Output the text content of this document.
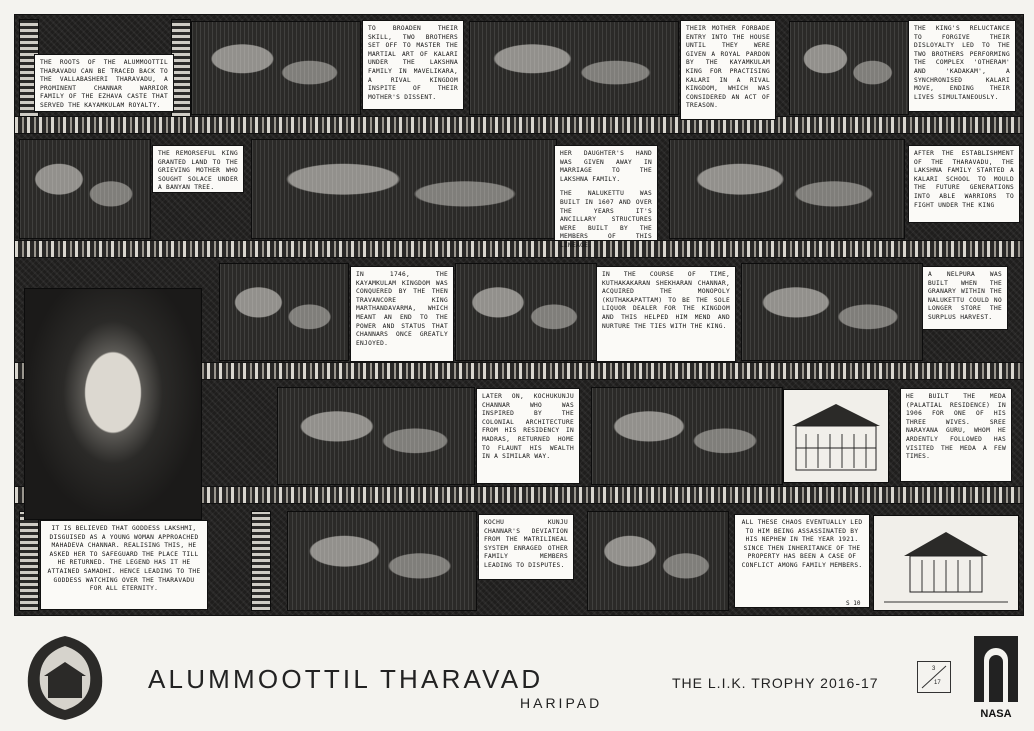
THE ROOTS OF THE ALUMMOOTTIL THARAVADU CAN BE TRACED BACK TO THE VALLABASHERI THARAVADU, A PROMINENT CHANNAR WARRIOR FAMILY OF THE EZHAVA CASTE THAT SERVED THE KAYAMKULAM ROYALTY.
TO BROADEN THEIR SKILL, TWO BROTHERS SET OFF TO MASTER THE MARTIAL ART OF KALARI UNDER THE LAKSHNA FAMILY IN MAVELIKARA, A RIVAL KINGDOM INSPITE OF THEIR MOTHER'S DISSENT.
THEIR MOTHER FORBADE ENTRY INTO THE HOUSE UNTIL THEY WERE GIVEN A ROYAL PARDON BY THE KAYAMKULAM KING FOR PRACTISING KALARI IN A RIVAL KINGDOM, WHICH WAS CONSIDERED AN ACT OF TREASON.
THE KING'S RELUCTANCE TO FORGIVE THEIR DISLOYALTY LED TO THE TWO BROTHERS PERFORMING THE COMPLEX 'OTHERAM' AND 'KADAKAM', A SYNCHRONISED KALARI MOVE, ENDING THEIR LIVES SIMULTANEOUSLY.
THE REMORSEFUL KING GRANTED LAND TO THE GRIEVING MOTHER WHO SOUGHT SOLACE UNDER A BANYAN TREE.
HER DAUGHTER'S HAND WAS GIVEN AWAY IN MARRIAGE TO THE LAKSHNA FAMILY.
THE NALUKETTU WAS BUILT IN 1607 AND OVER THE YEARS IT'S ANCILLARY STRUCTURES WERE BUILT BY THE MEMBERS OF THIS LINEAGE.
AFTER THE ESTABLISHMENT OF THE THARAVADU, THE LAKSHNA FAMILY STARTED A KALARI SCHOOL TO MOULD THE FUTURE GENERATIONS INTO ABLE WARRIORS TO FIGHT UNDER THE KING
IN 1746, THE KAYAMKULAM KINGDOM WAS CONQUERED BY THE THEN TRAVANCORE KING MARTHANDAVARMA, WHICH MEANT AN END TO THE POWER AND STATUS THAT CHANNARS ONCE GREATLY ENJOYED.
IN THE COURSE OF TIME, KUTHAKAKARAN SHEKHARAN CHANNAR, ACQUIRED THE MONOPOLY (KUTHAKAPATTAM) TO BE THE SOLE LIQUOR DEALER FOR THE KINGDOM AND THIS HELPED HIM MEND AND NURTURE THE TIES WITH THE KING.
A NELPURA WAS BUILT WHEN THE GRANARY WITHIN THE NALUKETTU COULD NO LONGER STORE THE SURPLUS HARVEST.
LATER ON, KOCHUKUNJU CHANNAR WHO WAS INSPIRED BY THE COLONIAL ARCHITECTURE FROM HIS RESIDENCY IN MADRAS, RETURNED HOME TO FLAUNT HIS WEALTH IN A SIMILAR WAY.
HE BUILT THE MEDA (PALATIAL RESIDENCE) IN 1906 FOR ONE OF HIS THREE WIVES. SREE NARAYANA GURU, WHOM HE ARDENTLY FOLLOWED HAS VISITED THE MEDA A FEW TIMES.
IT IS BELIEVED THAT GODDESS LAKSHMI, DISGUISED AS A YOUNG WOMAN APPROACHED MAHADEVA CHANNAR. REALISING THIS, HE ASKED HER TO SAFEGUARD THE PLACE TILL HE RETURNED. THE LEGEND HAS IT HE ATTAINED SAMADHI. HENCE LEADING TO THE GODDESS WATCHING OVER THE THARAVADU FOR ALL ETERNITY.
KOCHU KUNJU CHANNAR'S DEVIATION FROM THE MATRILINEAL SYSTEM ENRAGED OTHER FAMILY MEMBERS LEADING TO DISPUTES.
ALL THESE CHAOS EVENTUALLY LED TO HIM BEING ASSASSINATED BY HIS NEPHEW IN THE YEAR 1921. SINCE THEN INHERITANCE OF THE PROPERTY HAS BEEN A CASE OF CONFLICT AMONG FAMILY MEMBERS.
S 10
ALUMMOOTTIL THARAVAD
HARIPAD
THE L.I.K. TROPHY 2016-17
3
17
NASA
